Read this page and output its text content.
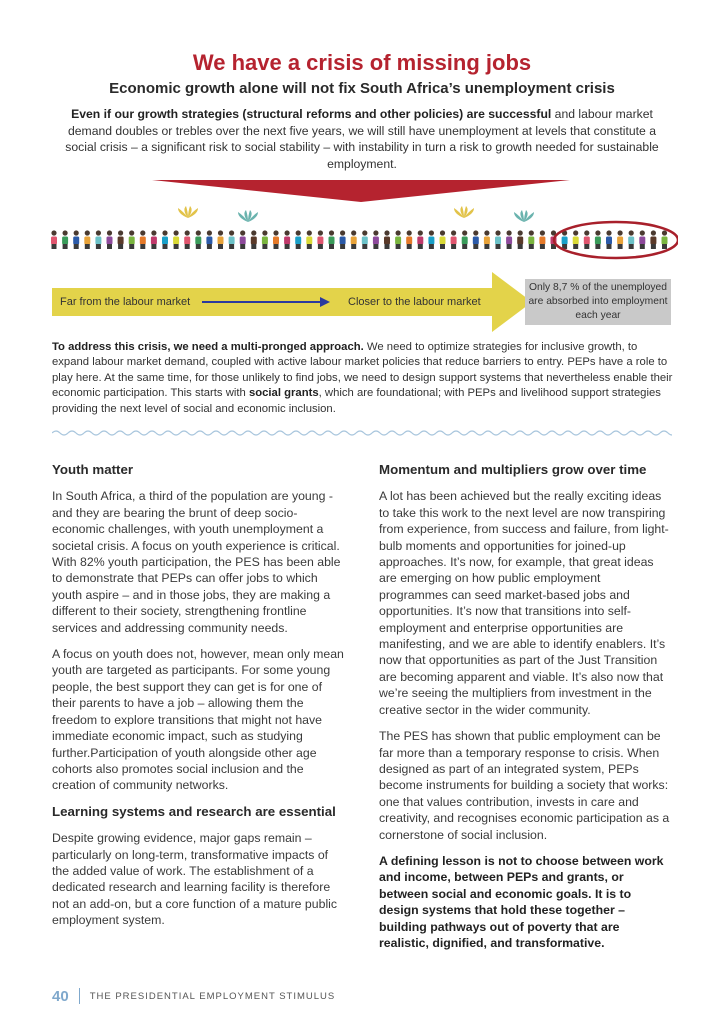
We have a crisis of missing jobs
Economic growth alone will not fix South Africa’s unemployment crisis
Even if our growth strategies (structural reforms and other policies) are successful and labour market demand doubles or trebles over the next five years, we will still have unemployment at levels that constitute a social crisis – a significant risk to social stability – with instability in turn a risk to growth needed for sustainable employment.
Far from the labour market	Closer to the labour market
Only 8,7 % of the unemployed are absorbed into employment each year
To address this crisis, we need a multi-pronged approach. We need to optimize strategies for inclusive growth, to expand labour market demand, coupled with active labour market policies that reduce barriers to entry. PEPs have a role to play here. At the same time, for those unlikely to find jobs, we need to design support systems that nevertheless enable their economic participation. This starts with social grants, which are foundational; with PEPs and livelihood support strategies providing the next level of social and economic inclusion.
Youth matter

In South Africa, a third of the population are young - and they are bearing the brunt of deep socio-economic challenges, with youth unemployment a societal crisis. A focus on youth experience is critical. With 82% youth participation, the PES has been able to demonstrate that PEPs can offer jobs to which youth aspire – and in those jobs, they are making a different to their society, strengthening frontline services and addressing community needs.

A focus on youth does not, however, mean only mean youth are targeted as participants. For some young people, the best support they can get is for one of their parents to have a job – allowing them the freedom to explore transitions that might not have immediate economic impact, such as studying further.Participation of youth alongside other age cohorts also promotes social inclusion and the creation of community networks.

Learning systems and research are essential

Despite growing evidence, major gaps remain – particularly on long-term, transformative impacts of the added value of work. The establishment of a dedicated research and learning facility is therefore not an add-on, but a core function of a mature public employment system.

Momentum and multipliers grow over time

A lot has been achieved but the really exciting ideas to take this work to the next level are now transpiring from experience, from success and failure, from light-bulb moments and opportunities for joined-up approaches. It’s now, for example, that great ideas are emerging on how public employment programmes can seed market-based jobs and opportunities. It’s now that transitions into self-employment and enterprise opportunities are manifesting, and we are able to identify enablers. It’s now that opportunities as part of the Just Transition are becoming apparent and viable. It’s also now that we’re seeing the multipliers from investment in the creative sector in the wider community.

The PES has shown that public employment can be far more than a temporary response to crisis. When designed as part of an integrated system, PEPs become instruments for building a society that works: one that values contribution, invests in care and creativity, and recognises economic participation as a cornerstone of social inclusion.

A defining lesson is not to choose between work and income, between PEPs and grants, or between social and economic goals. It is to design systems that hold these together – building pathways out of poverty that are realistic, dignified, and transformative.

40 THE PRESIDENTIAL EMPLOYMENT STIMULUS
